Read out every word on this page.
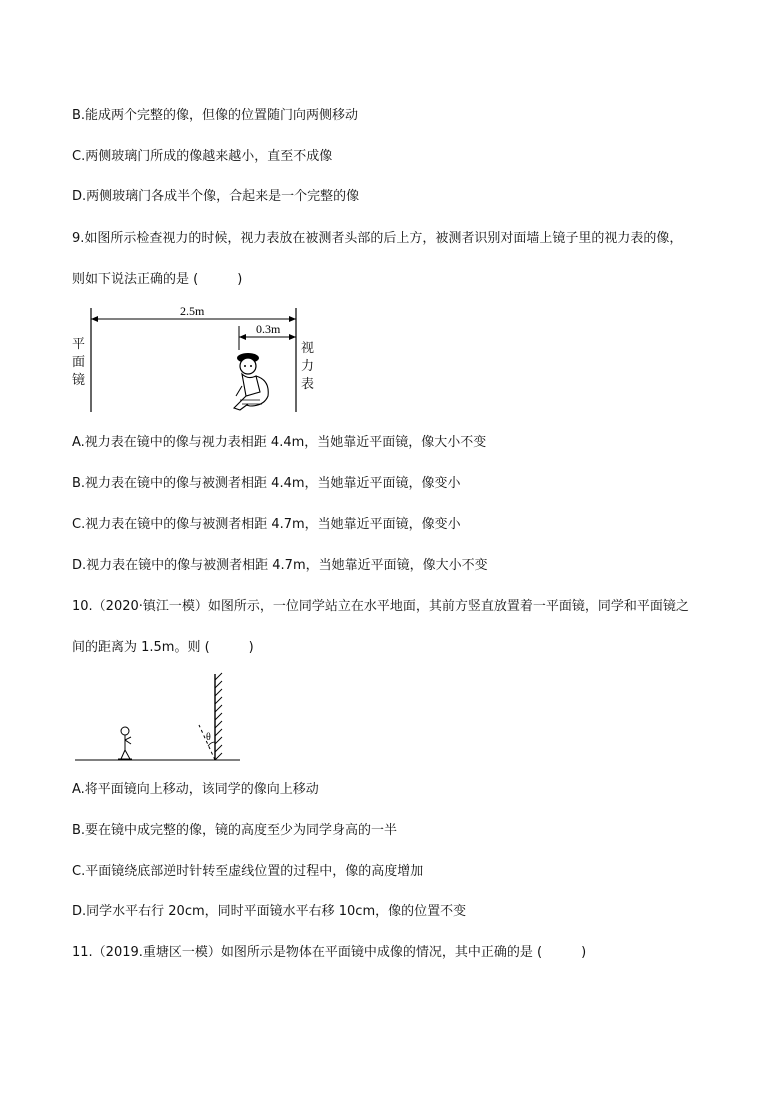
B.能成两个完整的像，但像的位置随门向两侧移动
C.两侧玻璃门所成的像越来越小，直至不成像
D.两侧玻璃门各成半个像，合起来是一个完整的像
9.如图所示检查视力的时候，视力表放在被测者头部的后上方，被测者识别对面墙上镜子里的视力表的像，
则如下说法正确的是 (　　　)
2.5m
0.3m
平
面
镜
视
力
表
A.视力表在镜中的像与视力表相距 4.4m，当她靠近平面镜，像大小不变
B.视力表在镜中的像与被测者相距 4.4m，当她靠近平面镜，像变小
C.视力表在镜中的像与被测者相距 4.7m，当她靠近平面镜，像变小
D.视力表在镜中的像与被测者相距 4.7m，当她靠近平面镜，像大小不变
10.（2020·镇江一模）如图所示，一位同学站立在水平地面，其前方竖直放置着一平面镜，同学和平面镜之
间的距离为 1.5m。则 (　　　)
θ
A.将平面镜向上移动，该同学的像向上移动
B.要在镜中成完整的像，镜的高度至少为同学身高的一半
C.平面镜绕底部逆时针转至虚线位置的过程中，像的高度增加
D.同学水平右行 20cm，同时平面镜水平右移 10cm，像的位置不变
11.（2019.重塘区一模）如图所示是物体在平面镜中成像的情况，其中正确的是 (　　　)
